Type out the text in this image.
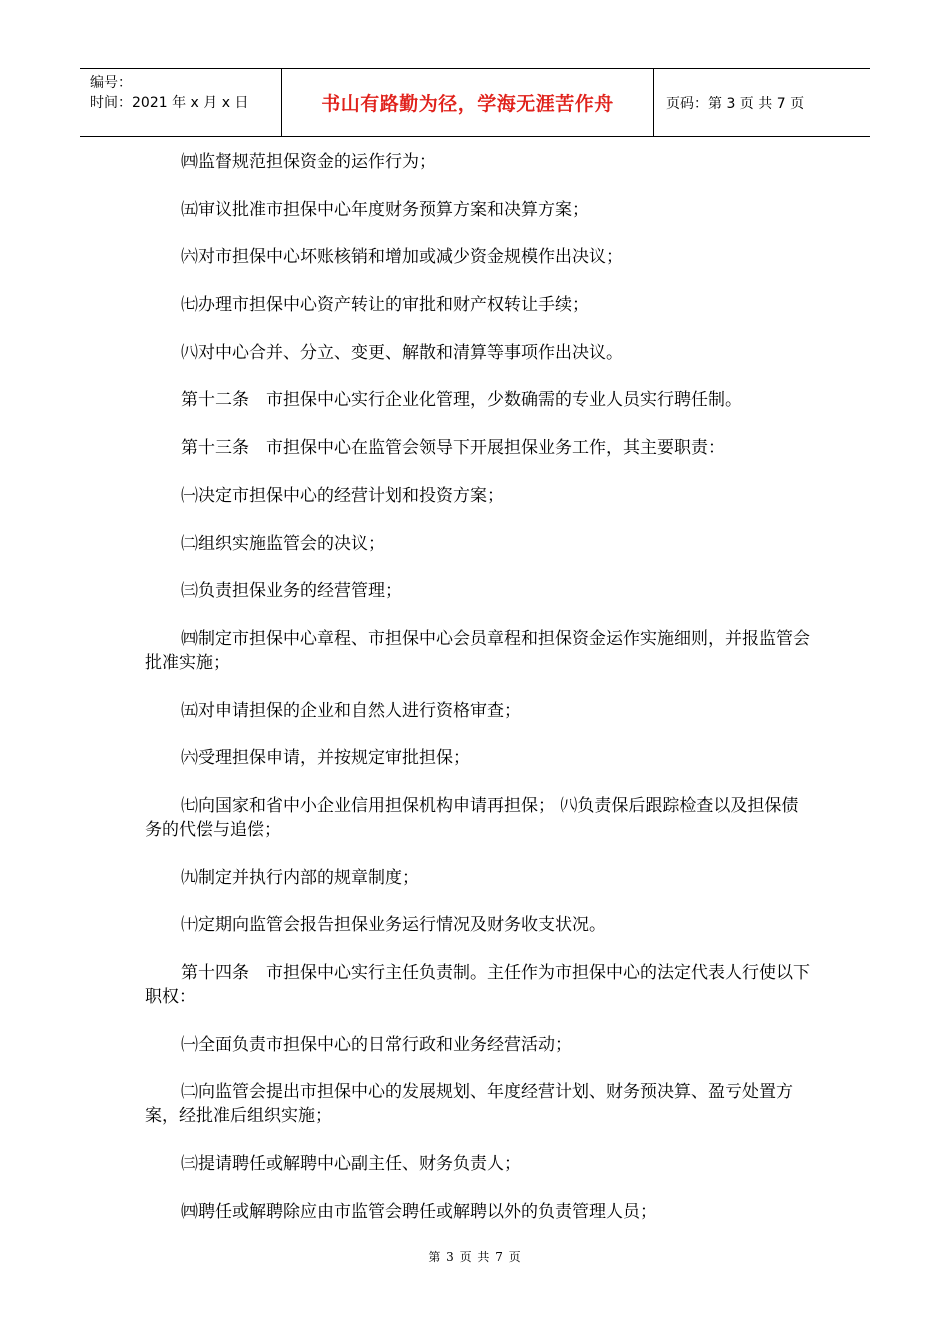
编号：
时间：2021 年 x 月 x 日	书山有路勤为径，学海无涯苦作舟	页码：第 3 页 共 7 页

㈣监督规范担保资金的运作行为；

㈤审议批准市担保中心年度财务预算方案和决算方案；

㈥对市担保中心坏账核销和增加或减少资金规模作出决议；

㈦办理市担保中心资产转让的审批和财产权转让手续；

㈧对中心合并、分立、变更、解散和清算等事项作出决议。

第十二条　市担保中心实行企业化管理，少数确需的专业人员实行聘任制。

第十三条　市担保中心在监管会领导下开展担保业务工作，其主要职责：

㈠决定市担保中心的经营计划和投资方案；

㈡组织实施监管会的决议；

㈢负责担保业务的经营管理；

㈣制定市担保中心章程、市担保中心会员章程和担保资金运作实施细则，并报监管会批准实施；

㈤对申请担保的企业和自然人进行资格审查；

㈥受理担保申请，并按规定审批担保；

㈦向国家和省中小企业信用担保机构申请再担保； ㈧负责保后跟踪检查以及担保债务的代偿与追偿；

㈨制定并执行内部的规章制度；

㈩定期向监管会报告担保业务运行情况及财务收支状况。

第十四条　市担保中心实行主任负责制。主任作为市担保中心的法定代表人行使以下职权：

㈠全面负责市担保中心的日常行政和业务经营活动；

㈡向监管会提出市担保中心的发展规划、年度经营计划、财务预决算、盈亏处置方案，经批准后组织实施；

㈢提请聘任或解聘中心副主任、财务负责人；

㈣聘任或解聘除应由市监管会聘任或解聘以外的负责管理人员；

第 3 页 共 7 页
